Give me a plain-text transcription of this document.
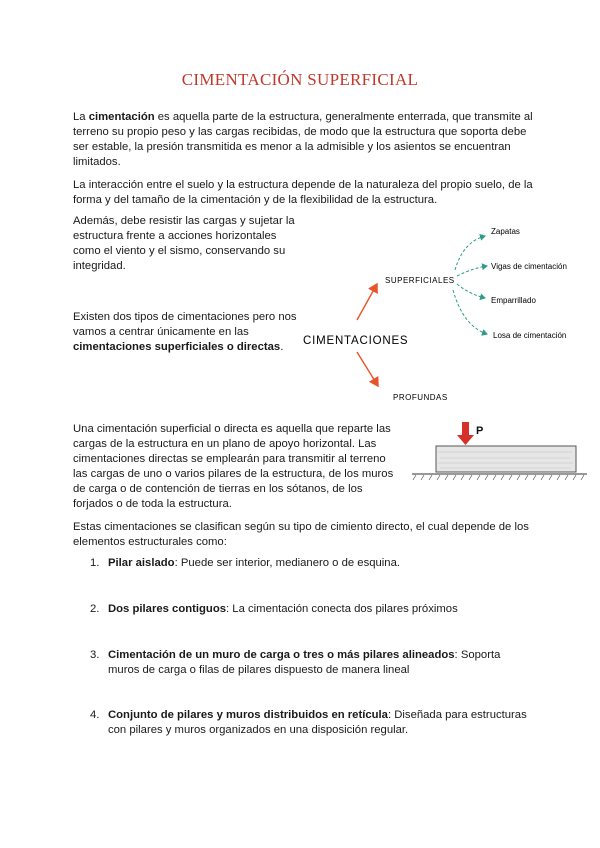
CIMENTACIÓN SUPERFICIAL
La cimentación es aquella parte de la estructura, generalmente enterrada, que transmite al terreno su propio peso y las cargas recibidas, de modo que la estructura que soporta debe ser estable, la presión transmitida es menor a la admisible y los asientos se encuentran limitados.
La interacción entre el suelo y la estructura depende de la naturaleza del propio suelo, de la forma y del tamaño de la cimentación y de la flexibilidad de la estructura.
Además, debe resistir las cargas y sujetar la estructura frente a acciones horizontales como el viento y el sismo, conservando su integridad.
Existen dos tipos de cimentaciones pero nos vamos a centrar únicamente en las cimentaciones superficiales o directas.	CIMENTACIONES
SUPERFICIALES
PROFUNDAS
Zapatas
Vigas de cimentación
Emparrillado
Losa de cimentación
Una cimentación superficial o directa es aquella que reparte las cargas de la estructura en un plano de apoyo horizontal. Las cimentaciones directas se emplearán para transmitir al terreno las cargas de uno o varios pilares de la estructura, de los muros de carga o de contención de tierras en los sótanos, de los forjados o de toda la estructura.
P
Estas cimentaciones se clasifican según su tipo de cimiento directo, el cual depende de los elementos estructurales como:
1. Pilar aislado: Puede ser interior, medianero o de esquina.
2. Dos pilares contiguos: La cimentación conecta dos pilares próximos
3. Cimentación de un muro de carga o tres o más pilares alineados: Soporta muros de carga o filas de pilares dispuesto de manera lineal
4. Conjunto de pilares y muros distribuidos en retícula: Diseñada para estructuras con pilares y muros organizados en una disposición regular.
